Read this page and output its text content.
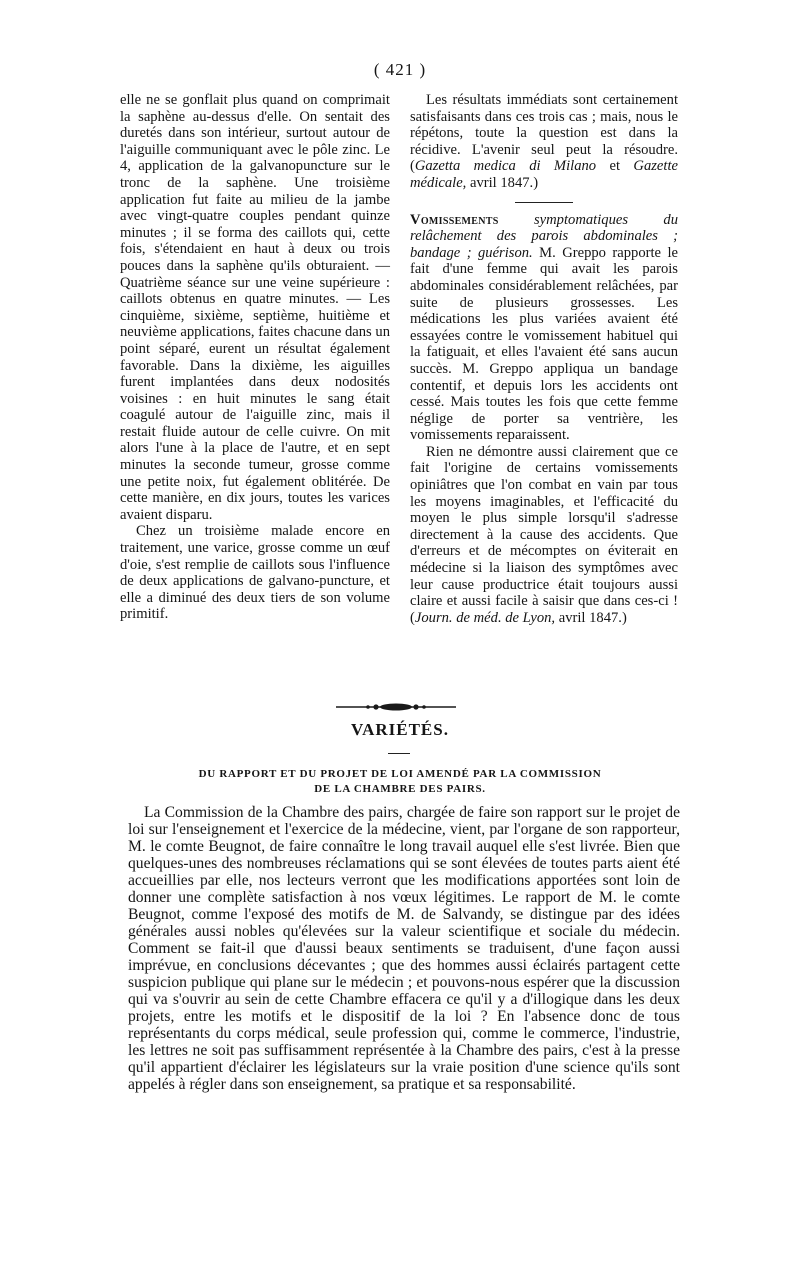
( 421 )

elle ne se gonflait plus quand on comprimait la saphène au-dessus d'elle. On sentait des duretés dans son intérieur, surtout autour de l'aiguille communiquant avec le pôle zinc. Le 4, application de la galvanopuncture sur le tronc de la saphène. Une troisième application fut faite au milieu de la jambe avec vingt-quatre couples pendant quinze minutes ; il se forma des caillots qui, cette fois, s'étendaient en haut à deux ou trois pouces dans la saphène qu'ils obturaient. — Quatrième séance sur une veine supérieure : caillots obtenus en quatre minutes. — Les cinquième, sixième, septième, huitième et neuvième applications, faites chacune dans un point séparé, eurent un résultat également favorable. Dans la dixième, les aiguilles furent implantées dans deux nodosités voisines : en huit minutes le sang était coagulé autour de l'aiguille zinc, mais il restait fluide autour de celle cuivre. On mit alors l'une à la place de l'autre, et en sept minutes la seconde tumeur, grosse comme une petite noix, fut également oblitérée. De cette manière, en dix jours, toutes les varices avaient disparu.

Chez un troisième malade encore en traitement, une varice, grosse comme un œuf d'oie, s'est remplie de caillots sous l'influence de deux applications de galvano-puncture, et elle a diminué des deux tiers de son volume primitif.

Les résultats immédiats sont certainement satisfaisants dans ces trois cas ; mais, nous le répétons, toute la question est dans la récidive. L'avenir seul peut la résoudre. (Gazetta medica di Milano et Gazette médicale, avril 1847.)

Vomissements symptomatiques du relâchement des parois abdominales ; bandage ; guérison. M. Greppo rapporte le fait d'une femme qui avait les parois abdominales considérablement relâchées, par suite de plusieurs grossesses. Les médications les plus variées avaient été essayées contre le vomissement habituel qui la fatiguait, et elles l'avaient été sans aucun succès. M. Greppo appliqua un bandage contentif, et depuis lors les accidents ont cessé. Mais toutes les fois que cette femme néglige de porter sa ventrière, les vomissements reparaissent.

Rien ne démontre aussi clairement que ce fait l'origine de certains vomissements opiniâtres que l'on combat en vain par tous les moyens imaginables, et l'efficacité du moyen le plus simple lorsqu'il s'adresse directement à la cause des accidents. Que d'erreurs et de mécomptes on éviterait en médecine si la liaison des symptômes avec leur cause productrice était toujours aussi claire et aussi facile à saisir que dans ces-ci ! (Journ. de méd. de Lyon, avril 1847.)

VARIÉTÉS.
DU RAPPORT ET DU PROJET DE LOI AMENDÉ PAR LA COMMISSION
DE LA CHAMBRE DES PAIRS.

La Commission de la Chambre des pairs, chargée de faire son rapport sur le projet de loi sur l'enseignement et l'exercice de la médecine, vient, par l'organe de son rapporteur, M. le comte Beugnot, de faire connaître le long travail auquel elle s'est livrée. Bien que quelques-unes des nombreuses réclamations qui se sont élevées de toutes parts aient été accueillies par elle, nos lecteurs verront que les modifications apportées sont loin de donner une complète satisfaction à nos vœux légitimes. Le rapport de M. le comte Beugnot, comme l'exposé des motifs de M. de Salvandy, se distingue par des idées générales aussi nobles qu'élevées sur la valeur scientifique et sociale du médecin. Comment se fait-il que d'aussi beaux sentiments se traduisent, d'une façon aussi imprévue, en conclusions décevantes ; que des hommes aussi éclairés partagent cette suspicion publique qui plane sur le médecin ; et pouvons-nous espérer que la discussion qui va s'ouvrir au sein de cette Chambre effacera ce qu'il y a d'illogique dans les deux projets, entre les motifs et le dispositif de la loi ? En l'absence donc de tous représentants du corps médical, seule profession qui, comme le commerce, l'industrie, les lettres ne soit pas suffisamment représentée à la Chambre des pairs, c'est à la presse qu'il appartient d'éclairer les législateurs sur la vraie position d'une science qu'ils sont appelés à régler dans son enseignement, sa pratique et sa responsabilité.
